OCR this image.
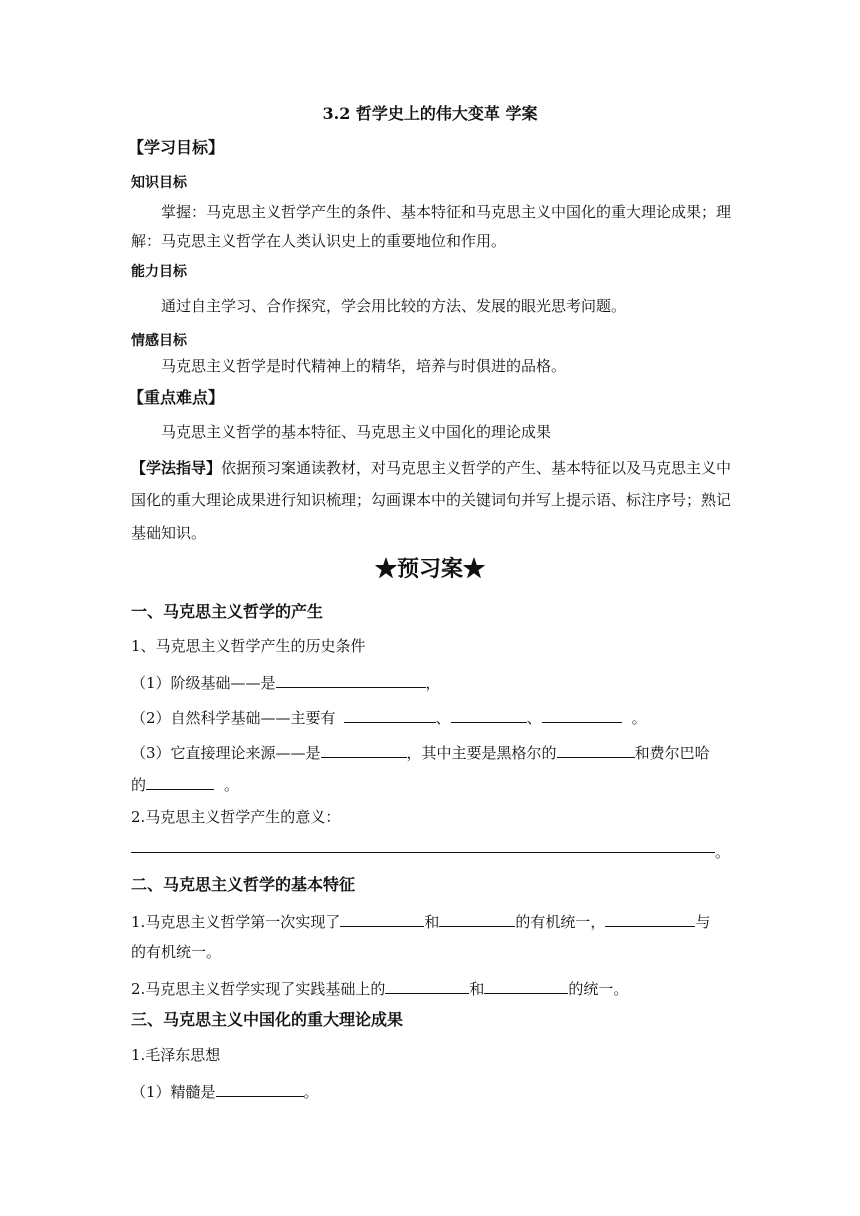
3.2 哲学史上的伟大变革 学案
【学习目标】
知识目标
掌握：马克思主义哲学产生的条件、基本特征和马克思主义中国化的重大理论成果；理
解：马克思主义哲学在人类认识史上的重要地位和作用。
能力目标
通过自主学习、合作探究，学会用比较的方法、发展的眼光思考问题。
情感目标
马克思主义哲学是时代精神上的精华，培养与时俱进的品格。
【重点难点】
马克思主义哲学的基本特征、马克思主义中国化的理论成果
【学法指导】依据预习案通读教材，对马克思主义哲学的产生、基本特征以及马克思主义中
国化的重大理论成果进行知识梳理；勾画课本中的关键词句并写上提示语、标注序号；熟记
基础知识。
★预习案★
一、马克思主义哲学的产生
1、马克思主义哲学产生的历史条件
（1）阶级基础——是	，
（2）自然科学基础——主要有	、	、	。
（3）它直接理论来源——是	，其中主要是黑格尔的	和费尔巴哈
的	。
2.马克思主义哲学产生的意义：
。
二、马克思主义哲学的基本特征
1.马克思主义哲学第一次实现了	和	的有机统一，	与
的有机统一。
2.马克思主义哲学实现了实践基础上的	和	的统一。
三、马克思主义中国化的重大理论成果
1.毛泽东思想
（1）精髓是	。
